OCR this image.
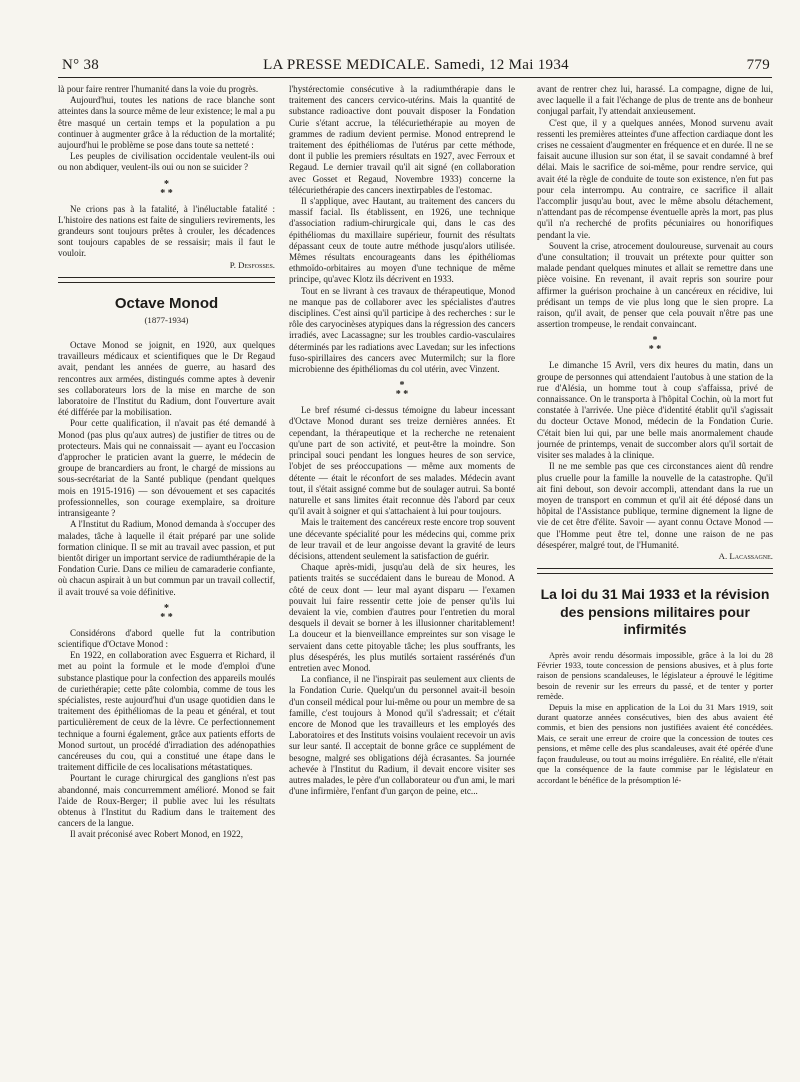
N° 38	LA PRESSE MEDICALE. Samedi, 12 Mai 1934	779

là pour faire rentrer l'humanité dans la voie du progrès.

Aujourd'hui, toutes les nations de race blanche sont atteintes dans la source même de leur existence; le mal a pu être masqué un certain temps et la population a pu continuer à augmenter grâce à la réduction de la mortalité; aujourd'hui le problème se pose dans toute sa netteté :

Les peuples de civilisation occidentale veulent-ils oui ou non abdiquer, veulent-ils oui ou non se suicider ?

*
* *

Ne crions pas à la fatalité, à l'inéluctable fatalité : L'histoire des nations est faite de singuliers revirements, les grandeurs sont toujours prêtes à crouler, les décadences sont toujours capables de se ressaisir; mais il faut le vouloir.

P. Desfosses.

Octave Monod
(1877-1934)

Octave Monod se joignit, en 1920, aux quelques travailleurs médicaux et scientifiques que le Dr Regaud avait, pendant les années de guerre, au hasard des rencontres aux armées, distingués comme aptes à devenir ses collaborateurs lors de la mise en marche de son laboratoire de l'Institut du Radium, dont l'ouverture avait été différée par la mobilisation.

Pour cette qualification, il n'avait pas été demandé à Monod (pas plus qu'aux autres) de justifier de titres ou de protecteurs. Mais qui ne connaissait — ayant eu l'occasion d'approcher le praticien avant la guerre, le médecin de groupe de brancardiers au front, le chargé de missions au sous-secrétariat de la Santé publique (pendant quelques mois en 1915-1916) — son dévouement et ses capacités professionnelles, son courage exemplaire, sa droiture intransigeante ?

A l'Institut du Radium, Monod demanda à s'occuper des malades, tâche à laquelle il était préparé par une solide formation clinique. Il se mit au travail avec passion, et put bientôt diriger un important service de radiumthérapie de la Fondation Curie. Dans ce milieu de camaraderie confiante, où chacun aspirait à un but commun par un travail collectif, il avait trouvé sa voie définitive.

*
* *

Considérons d'abord quelle fut la contribution scientifique d'Octave Monod :

En 1922, en collaboration avec Esguerra et Richard, il met au point la formule et le mode d'emploi d'une substance plastique pour la confection des appareils moulés de curiethérapie; cette pâte colombia, comme de tous les spécialistes, reste aujourd'hui d'un usage quotidien dans le traitement des épithéliomas de la peau et général, et tout particulièrement de ceux de la lèvre. Ce perfectionnement technique a fourni également, grâce aux patients efforts de Monod surtout, un procédé d'irradiation des adénopathies cancéreuses du cou, qui a constitué une étape dans le traitement difficile de ces localisations métastatiques.

Pourtant le curage chirurgical des ganglions n'est pas abandonné, mais concurremment amélioré. Monod se fait l'aide de Roux-Berger; il publie avec lui les résultats obtenus à l'Institut du Radium dans le traitement des cancers de la langue.

Il avait préconisé avec Robert Monod, en 1922,

l'hystérectomie consécutive à la radiumthérapie dans le traitement des cancers cervico-utérins. Mais la quantité de substance radioactive dont pouvait disposer la Fondation Curie s'étant accrue, la télécuriethérapie au moyen de grammes de radium devient permise. Monod entreprend le traitement des épithéliomas de l'utérus par cette méthode, dont il publie les premiers résultats en 1927, avec Ferroux et Regaud. Le dernier travail qu'il ait signé (en collaboration avec Gosset et Regaud, Novembre 1933) concerne la télécuriethérapie des cancers inextirpables de l'estomac.

Il s'applique, avec Hautant, au traitement des cancers du massif facial. Ils établissent, en 1926, une technique d'association radium-chirurgicale qui, dans le cas des épithéliomas du maxillaire supérieur, fournit des résultats dépassant ceux de toute autre méthode jusqu'alors utilisée. Mêmes résultats encourageants dans les épithéliomas ethmoïdo-orbitaires au moyen d'une technique de même principe, qu'avec Klotz ils décrivent en 1933.

Tout en se livrant à ces travaux de thérapeutique, Monod ne manque pas de collaborer avec les spécialistes d'autres disciplines. C'est ainsi qu'il participe à des recherches : sur le rôle des caryocinèses atypiques dans la régression des cancers irradiés, avec Lacassagne; sur les troubles cardio-vasculaires déterminés par les radiations avec Lavedan; sur les infections fuso-spirillaires des cancers avec Mutermilch; sur la flore microbienne des épithéliomas du col utérin, avec Vinzent.

*
* *

Le bref résumé ci-dessus témoigne du labeur incessant d'Octave Monod durant ses treize dernières années. Et cependant, la thérapeutique et la recherche ne retenaient qu'une part de son activité, et peut-être la moindre. Son principal souci pendant les longues heures de son service, l'objet de ses préoccupations — même aux moments de détente — était le réconfort de ses malades. Médecin avant tout, il s'était assigné comme but de soulager autrui. Sa bonté naturelle et sans limites était reconnue dès l'abord par ceux qu'il avait à soigner et qui s'attachaient à lui pour toujours.

Mais le traitement des cancéreux reste encore trop souvent une décevante spécialité pour les médecins qui, comme prix de leur travail et de leur angoisse devant la gravité de leurs décisions, attendent seulement la satisfaction de guérir.

Chaque après-midi, jusqu'au delà de six heures, les patients traités se succédaient dans le bureau de Monod. A côté de ceux dont — leur mal ayant disparu — l'examen pouvait lui faire ressentir cette joie de penser qu'ils lui devaient la vie, combien d'autres pour l'entretien du moral desquels il devait se borner à les illusionner charitablement! La douceur et la bienveillance empreintes sur son visage le servaient dans cette pitoyable tâche; les plus souffrants, les plus désespérés, les plus mutilés sortaient rassérénés d'un entretien avec Monod.

La confiance, il ne l'inspirait pas seulement aux clients de la Fondation Curie. Quelqu'un du personnel avait-il besoin d'un conseil médical pour lui-même ou pour un membre de sa famille, c'est toujours à Monod qu'il s'adressait; et c'était encore de Monod que les travailleurs et les employés des Laboratoires et des Instituts voisins voulaient recevoir un avis sur leur santé. Il acceptait de bonne grâce ce supplément de besogne, malgré ses obligations déjà écrasantes. Sa journée achevée à l'Institut du Radium, il devait encore visiter ses autres malades, le père d'un collaborateur ou d'un ami, le mari d'une infirmière, l'enfant d'un garçon de peine, etc...

avant de rentrer chez lui, harassé. La compagne, digne de lui, avec laquelle il a fait l'échange de plus de trente ans de bonheur conjugal parfait, l'y attendait anxieusement.

C'est que, il y a quelques années, Monod survenu avait ressenti les premières atteintes d'une affection cardiaque dont les crises ne cessaient d'augmenter en fréquence et en durée. Il ne se faisait aucune illusion sur son état, il se savait condamné à bref délai. Mais le sacrifice de soi-même, pour rendre service, qui avait été la règle de conduite de toute son existence, n'en fut pas pour cela interrompu. Au contraire, ce sacrifice il allait l'accomplir jusqu'au bout, avec le même absolu détachement, n'attendant pas de récompense éventuelle après la mort, pas plus qu'il n'a recherché de profits pécuniaires ou honorifiques pendant la vie.

Souvent la crise, atrocement douloureuse, survenait au cours d'une consultation; il trouvait un prétexte pour quitter son malade pendant quelques minutes et allait se remettre dans une pièce voisine. En revenant, il avait repris son sourire pour affirmer la guérison prochaine à un cancéreux en récidive, lui prédisant un temps de vie plus long que le sien propre. La raison, qu'il avait, de penser que cela pouvait n'être pas une assertion trompeuse, le rendait convaincant.

*
* *

Le dimanche 15 Avril, vers dix heures du matin, dans un groupe de personnes qui attendaient l'autobus à une station de la rue d'Alésia, un homme tout à coup s'affaissa, privé de connaissance. On le transporta à l'hôpital Cochin, où la mort fut constatée à l'arrivée. Une pièce d'identité établit qu'il s'agissait du docteur Octave Monod, médecin de la Fondation Curie. C'était bien lui qui, par une belle mais anormalement chaude journée de printemps, venait de succomber alors qu'il sortait de visiter ses malades à la clinique.

Il ne me semble pas que ces circonstances aient dû rendre plus cruelle pour la famille la nouvelle de la catastrophe. Qu'il ait fini debout, son devoir accompli, attendant dans la rue un moyen de transport en commun et qu'il ait été déposé dans un hôpital de l'Assistance publique, termine dignement la ligne de vie de cet être d'élite. Savoir — ayant connu Octave Monod — que l'Homme peut être tel, donne une raison de ne pas désespérer, malgré tout, de l'Humanité.

A. Lacassagne.

La loi du 31 Mai 1933 et la révision des pensions militaires pour infirmités

Après avoir rendu désormais impossible, grâce à la loi du 28 Février 1933, toute concession de pensions abusives, et à plus forte raison de pensions scandaleuses, le législateur a éprouvé le légitime besoin de revenir sur les erreurs du passé, et de tenter y porter remède.

Depuis la mise en application de la Loi du 31 Mars 1919, soit durant quatorze années consécutives, bien des abus avaient été commis, et bien des pensions non justifiées avaient été concédées. Mais, ce serait une erreur de croire que la concession de toutes ces pensions, et même celle des plus scandaleuses, avait été opérée d'une façon frauduleuse, ou tout au moins irrégulière. En réalité, elle n'était que la conséquence de la faute commise par le législateur en accordant le bénéfice de la présomption lé-
